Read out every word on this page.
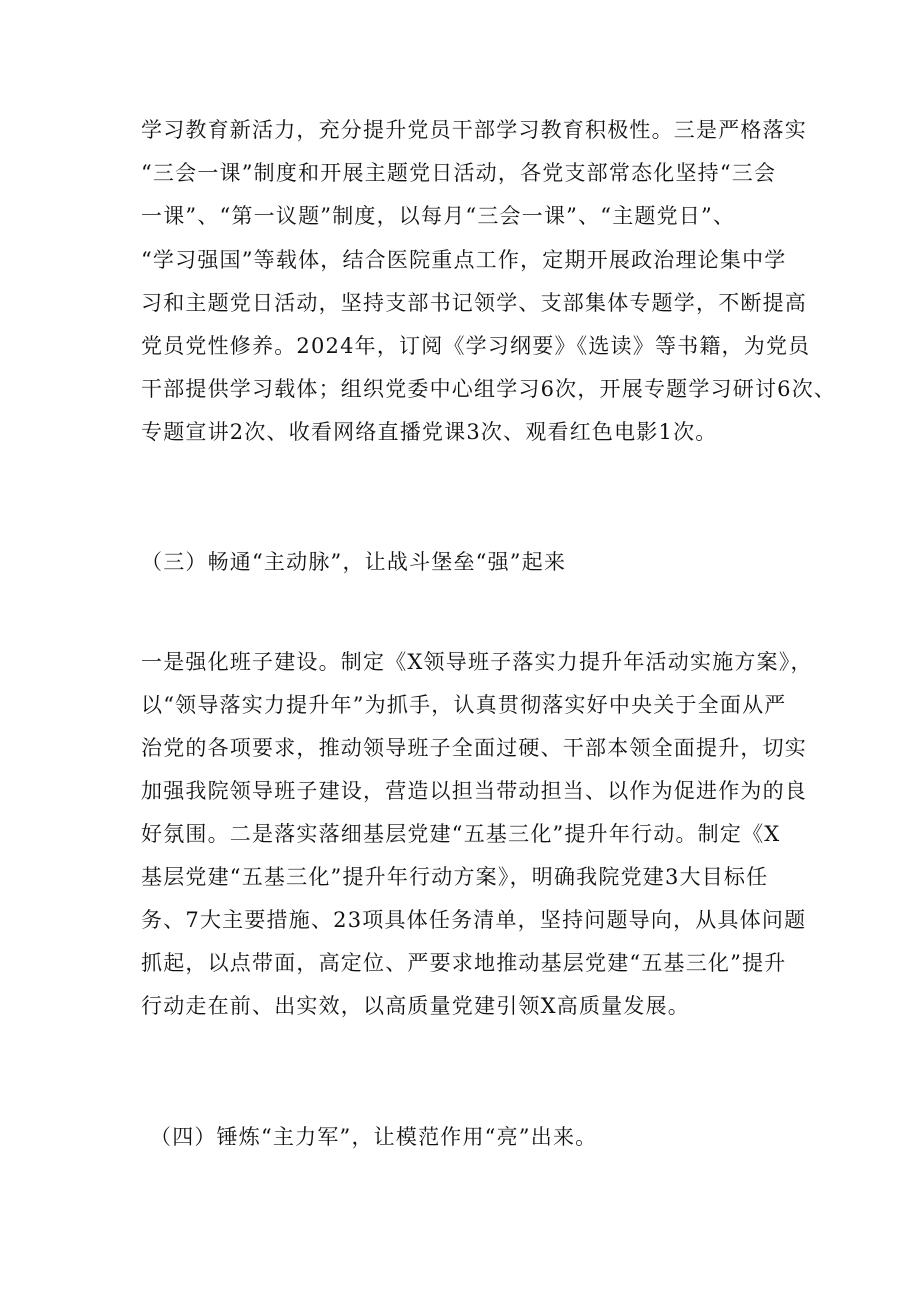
学习教育新活力，充分提升党员干部学习教育积极性。三是严格落实
“三会一课”制度和开展主题党日活动，各党支部常态化坚持“三会
一课”、“第一议题”制度，以每月“三会一课”、“主题党日”、
“学习强国”等载体，结合医院重点工作，定期开展政治理论集中学
习和主题党日活动，坚持支部书记领学、支部集体专题学，不断提高
党员党性修养。2024年，订阅《学习纲要》《选读》等书籍，为党员
干部提供学习载体；组织党委中心组学习6次，开展专题学习研讨6次、
专题宣讲2次、收看网络直播党课3次、观看红色电影1次。
（三）畅通“主动脉”，让战斗堡垒“强”起来
一是强化班子建设。制定《X领导班子落实力提升年活动实施方案》，
以“领导落实力提升年”为抓手，认真贯彻落实好中央关于全面从严
治党的各项要求，推动领导班子全面过硬、干部本领全面提升，切实
加强我院领导班子建设，营造以担当带动担当、以作为促进作为的良
好氛围。二是落实落细基层党建“五基三化”提升年行动。制定《X
基层党建“五基三化”提升年行动方案》，明确我院党建3大目标任
务、7大主要措施、23项具体任务清单，坚持问题导向，从具体问题
抓起，以点带面，高定位、严要求地推动基层党建“五基三化”提升
行动走在前、出实效，以高质量党建引领X高质量发展。
（四）锤炼“主力军”，让模范作用“亮”出来。
